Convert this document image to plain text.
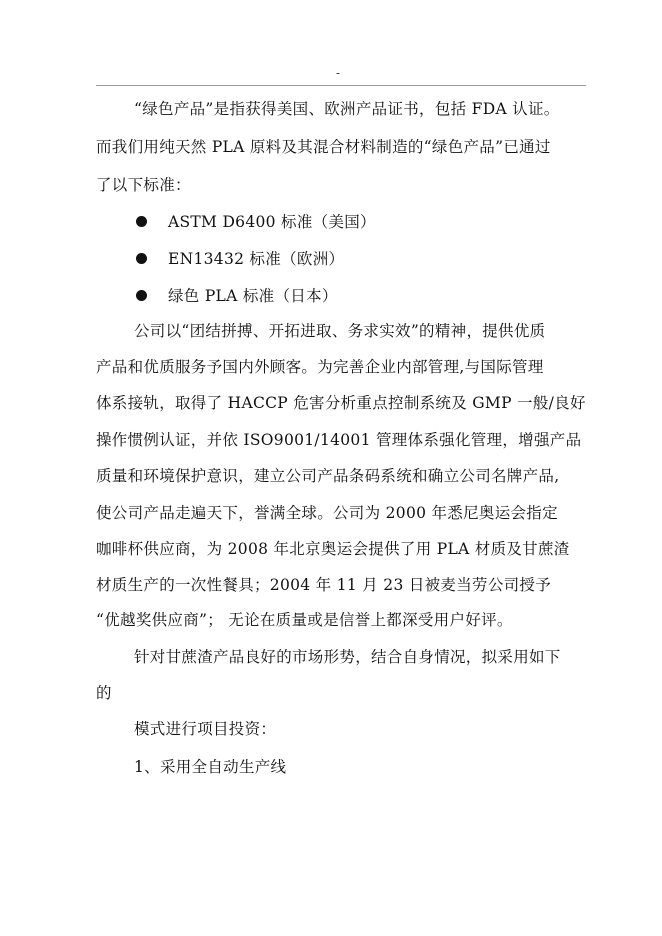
-
“绿色产品”是指获得美国、欧洲产品证书，包括 FDA 认证。
而我们用纯天然 PLA 原料及其混合材料制造的“绿色产品”已通过
了以下标准：
ASTM D6400 标准（美国）
EN13432 标准（欧洲）
绿色 PLA 标准（日本）
公司以“团结拼搏、开拓进取、务求实效”的精神，提供优质
产品和优质服务予国内外顾客。为完善企业内部管理,与国际管理
体系接轨，取得了 HACCP 危害分析重点控制系统及 GMP 一般/良好
操作惯例认证，并依 ISO9001/14001 管理体系强化管理，增强产品
质量和环境保护意识，建立公司产品条码系统和确立公司名牌产品,
使公司产品走遍天下，誉满全球。公司为 2000 年悉尼奥运会指定
咖啡杯供应商，为 2008 年北京奥运会提供了用 PLA 材质及甘蔗渣
材质生产的一次性餐具；2004 年 11 月 23 日被麦当劳公司授予
“优越奖供应商”； 无论在质量或是信誉上都深受用户好评。
针对甘蔗渣产品良好的市场形势，结合自身情况，拟采用如下
的
模式进行项目投资：
1、采用全自动生产线
